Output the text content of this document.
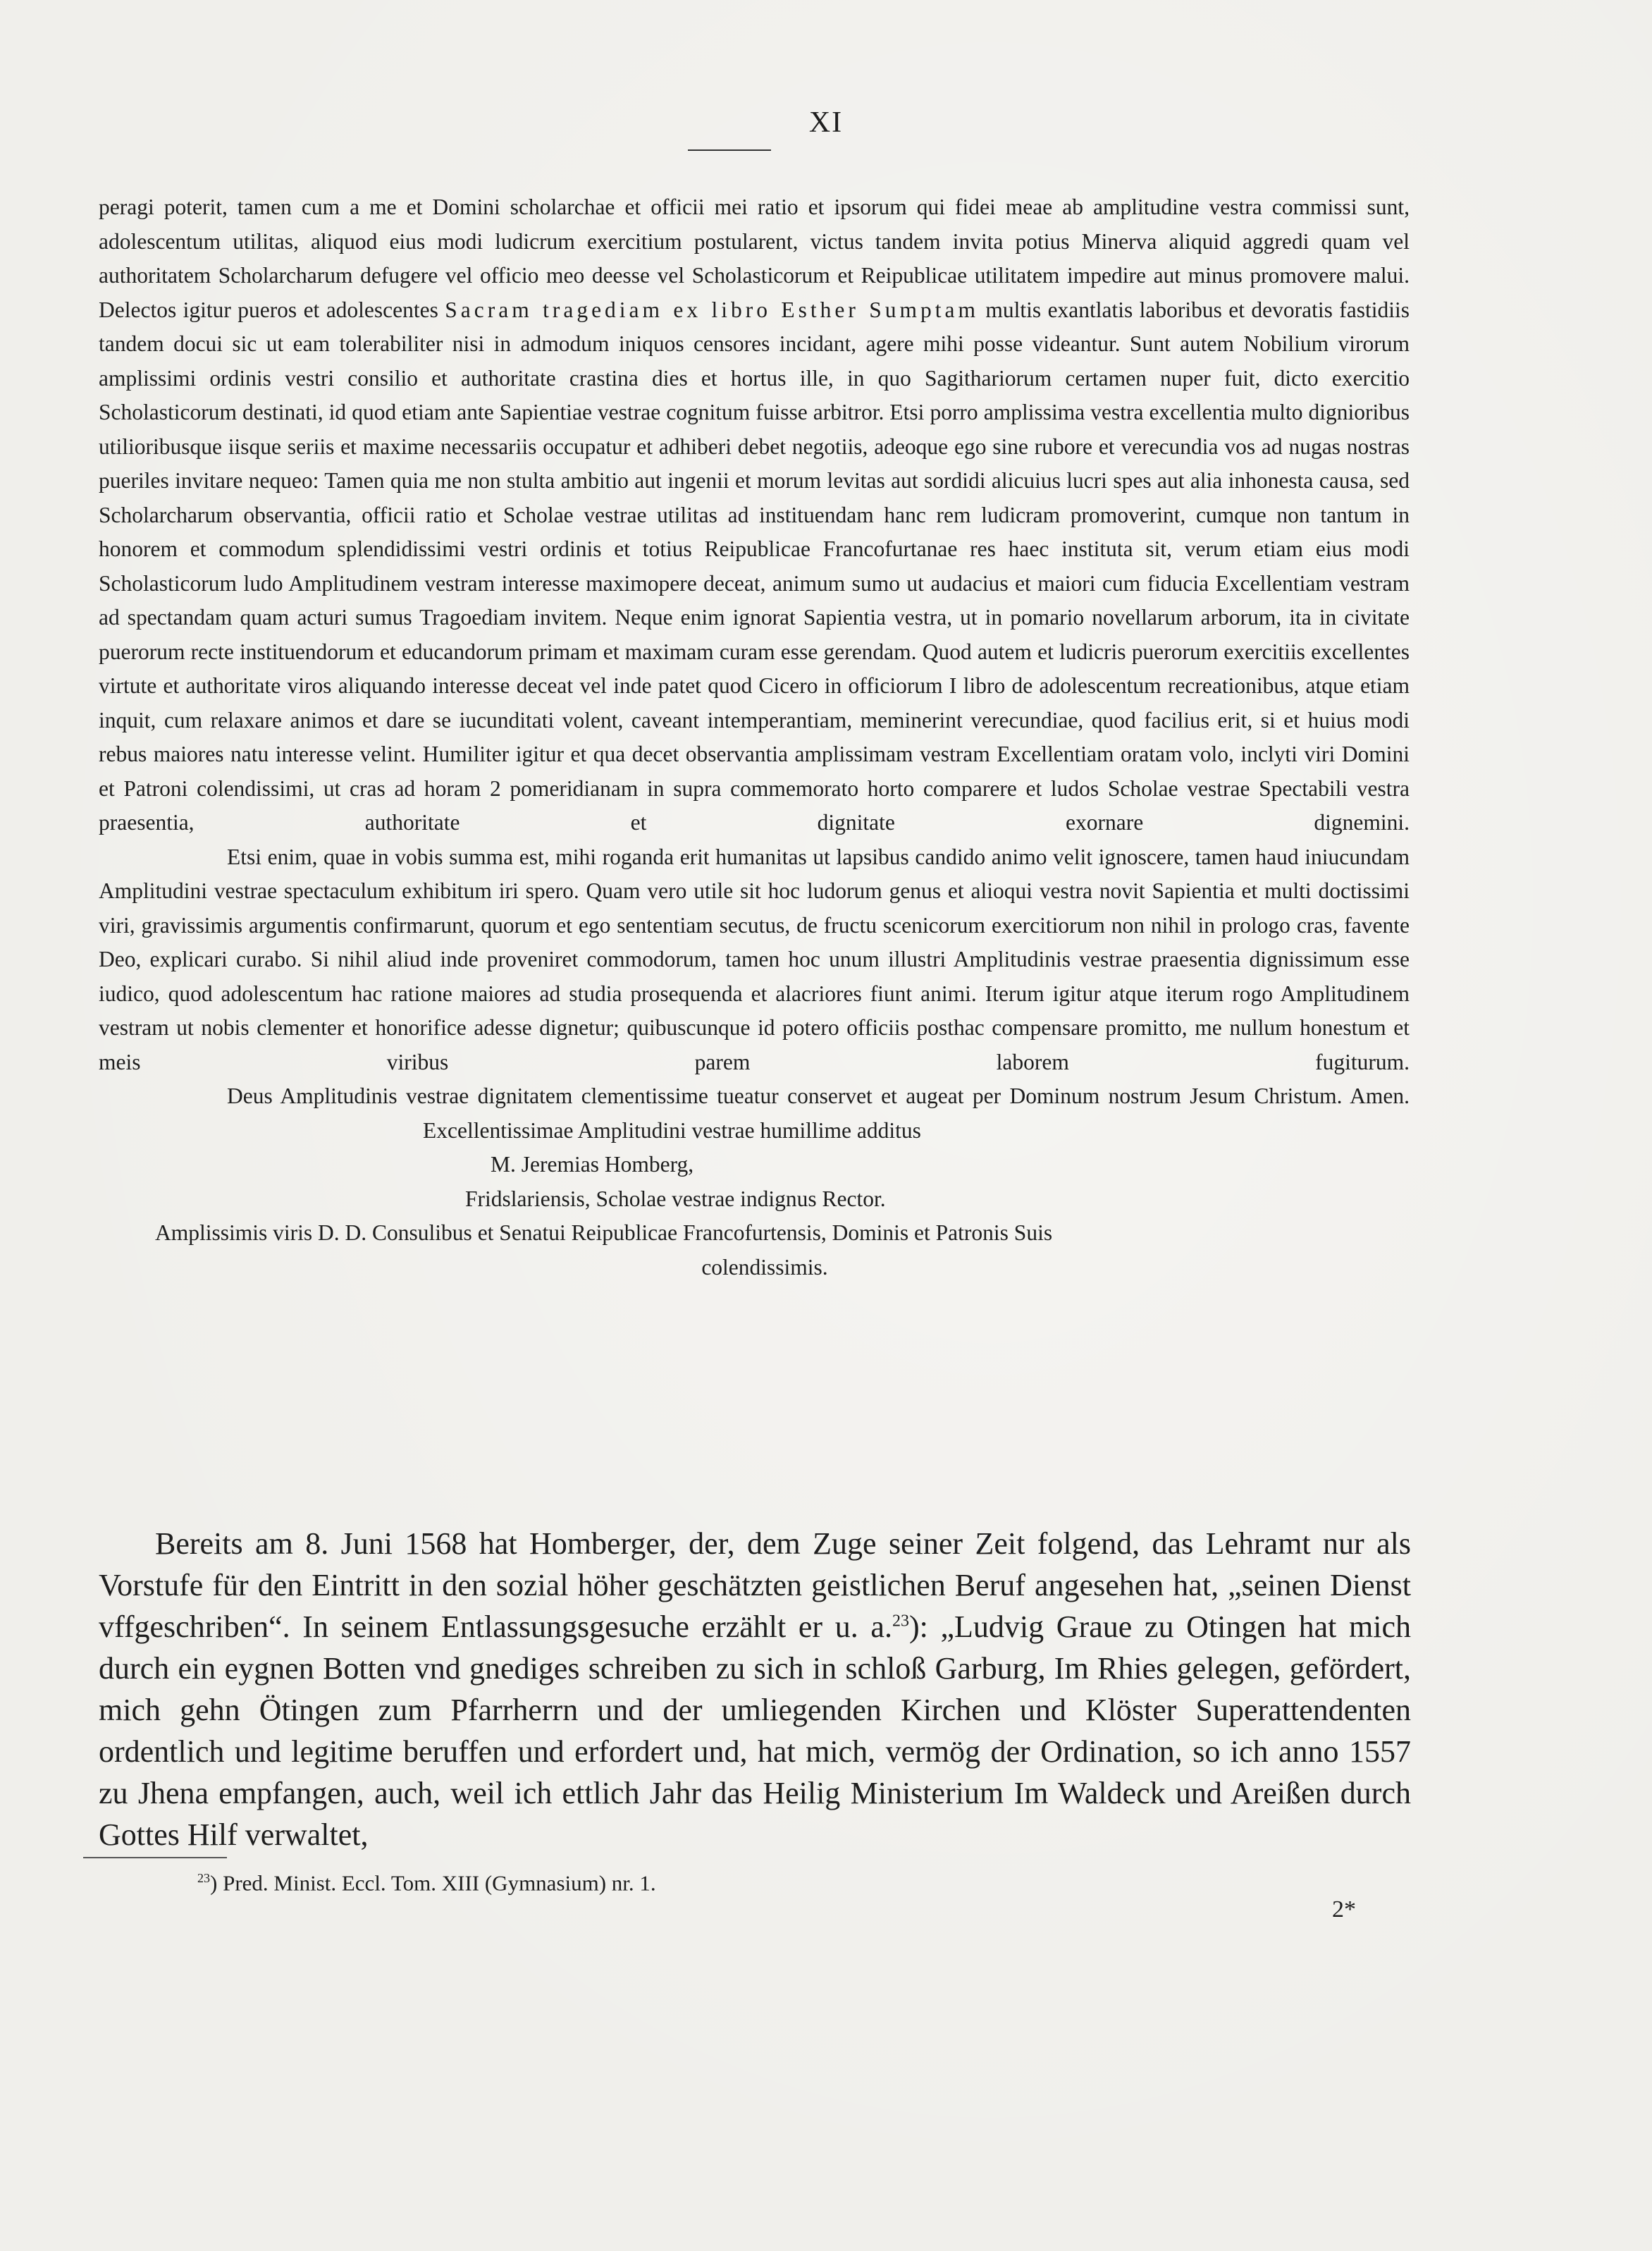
XI

peragi poterit, tamen cum a me et Domini scholarchae et officii mei ratio et ipsorum qui fidei meae ab amplitudine vestra commissi sunt, adolescentum utilitas, aliquod eius modi ludicrum exercitium postularent, victus tandem invita potius Minerva aliquid aggredi quam vel authoritatem Scholarcharum defugere vel officio meo deesse vel Scholasticorum et Reipublicae utilitatem impedire aut minus promovere malui. Delectos igitur pueros et adolescentes Sacram tragediam ex libro Esther Sumptam multis exantlatis laboribus et devoratis fastidiis tandem docui sic ut eam tolerabiliter nisi in admodum iniquos censores incidant, agere mihi posse videantur. Sunt autem Nobilium virorum amplissimi ordinis vestri consilio et authoritate crastina dies et hortus ille, in quo Sagithariorum certamen nuper fuit, dicto exercitio Scholasticorum destinati, id quod etiam ante Sapientiae vestrae cognitum fuisse arbitror. Etsi porro amplissima vestra excellentia multo dignioribus utilioribusque iisque seriis et maxime necessariis occupatur et adhiberi debet negotiis, adeoque ego sine rubore et verecundia vos ad nugas nostras pueriles invitare nequeo: Tamen quia me non stulta ambitio aut ingenii et morum levitas aut sordidi alicuius lucri spes aut alia inhonesta causa, sed Scholarcharum observantia, officii ratio et Scholae vestrae utilitas ad instituendam hanc rem ludicram promoverint, cumque non tantum in honorem et commodum splendidissimi vestri ordinis et totius Reipublicae Francofurtanae res haec instituta sit, verum etiam eius modi Scholasticorum ludo Amplitudinem vestram interesse maximopere deceat, animum sumo ut audacius et maiori cum fiducia Excellentiam vestram ad spectandam quam acturi sumus Tragoediam invitem. Neque enim ignorat Sapientia vestra, ut in pomario novellarum arborum, ita in civitate puerorum recte instituendorum et educandorum primam et maximam curam esse gerendam. Quod autem et ludicris puerorum exercitiis excellentes virtute et authoritate viros aliquando interesse deceat vel inde patet quod Cicero in officiorum I libro de adolescentum recreationibus, atque etiam inquit, cum relaxare animos et dare se iucunditati volent, caveant intemperantiam, meminerint verecundiae, quod facilius erit, si et huius modi rebus maiores natu interesse velint. Humiliter igitur et qua decet observantia amplissimam vestram Excellentiam oratam volo, inclyti viri Domini et Patroni colendissimi, ut cras ad horam 2 pomeridianam in supra commemorato horto comparere et ludos Scholae vestrae Spectabili vestra praesentia, authoritate et dignitate exornare dignemini.

Etsi enim, quae in vobis summa est, mihi roganda erit humanitas ut lapsibus candido animo velit ignoscere, tamen haud iniucundam Amplitudini vestrae spectaculum exhibitum iri spero. Quam vero utile sit hoc ludorum genus et alioqui vestra novit Sapientia et multi doctissimi viri, gravissimis argumentis confirmarunt, quorum et ego sententiam secutus, de fructu scenicorum exercitiorum non nihil in prologo cras, favente Deo, explicari curabo. Si nihil aliud inde proveniret commodorum, tamen hoc unum illustri Amplitudinis vestrae praesentia dignissimum esse iudico, quod adolescentum hac ratione maiores ad studia prosequenda et alacriores fiunt animi. Iterum igitur atque iterum rogo Amplitudinem vestram ut nobis clementer et honorifice adesse dignetur; quibuscunque id potero officiis posthac compensare promitto, me nullum honestum et meis viribus parem laborem fugiturum.

Deus Amplitudinis vestrae dignitatem clementissime tueatur conservet et augeat per Dominum nostrum Jesum Christum. Amen.

Excellentissimae Amplitudini vestrae humillime additus
M. Jeremias Homberg,
Fridslariensis, Scholae vestrae indignus Rector.
Amplissimis viris D. D. Consulibus et Senatui Reipublicae Francofurtensis, Dominis et Patronis Suis
colendissimis.

Bereits am 8. Juni 1568 hat Homberger, der, dem Zuge seiner Zeit folgend, das Lehramt nur als Vorstufe für den Eintritt in den sozial höher geschätzten geistlichen Beruf angesehen hat, „seinen Dienst vffgeschriben“. In seinem Entlassungsgesuche erzählt er u. a.$^{23}$): „Ludvig Graue zu Otingen hat mich durch ein eygnen Botten vnd gnediges schreiben zu sich in schloß Garburg, Im Rhies gelegen, gefördert, mich gehn Ötingen zum Pfarrherrn und der umliegenden Kirchen und Klöster Superattendenten ordentlich und legitime beruffen und erfordert und, hat mich, vermög der Ordination, so ich anno 1557 zu Jhena empfangen, auch, weil ich ettlich Jahr das Heilig Ministerium Im Waldeck und Areißen durch Gottes Hilf verwaltet,

$^{23}$) Pred. Minist. Eccl. Tom. XIII (Gymnasium) nr. 1.
2*
